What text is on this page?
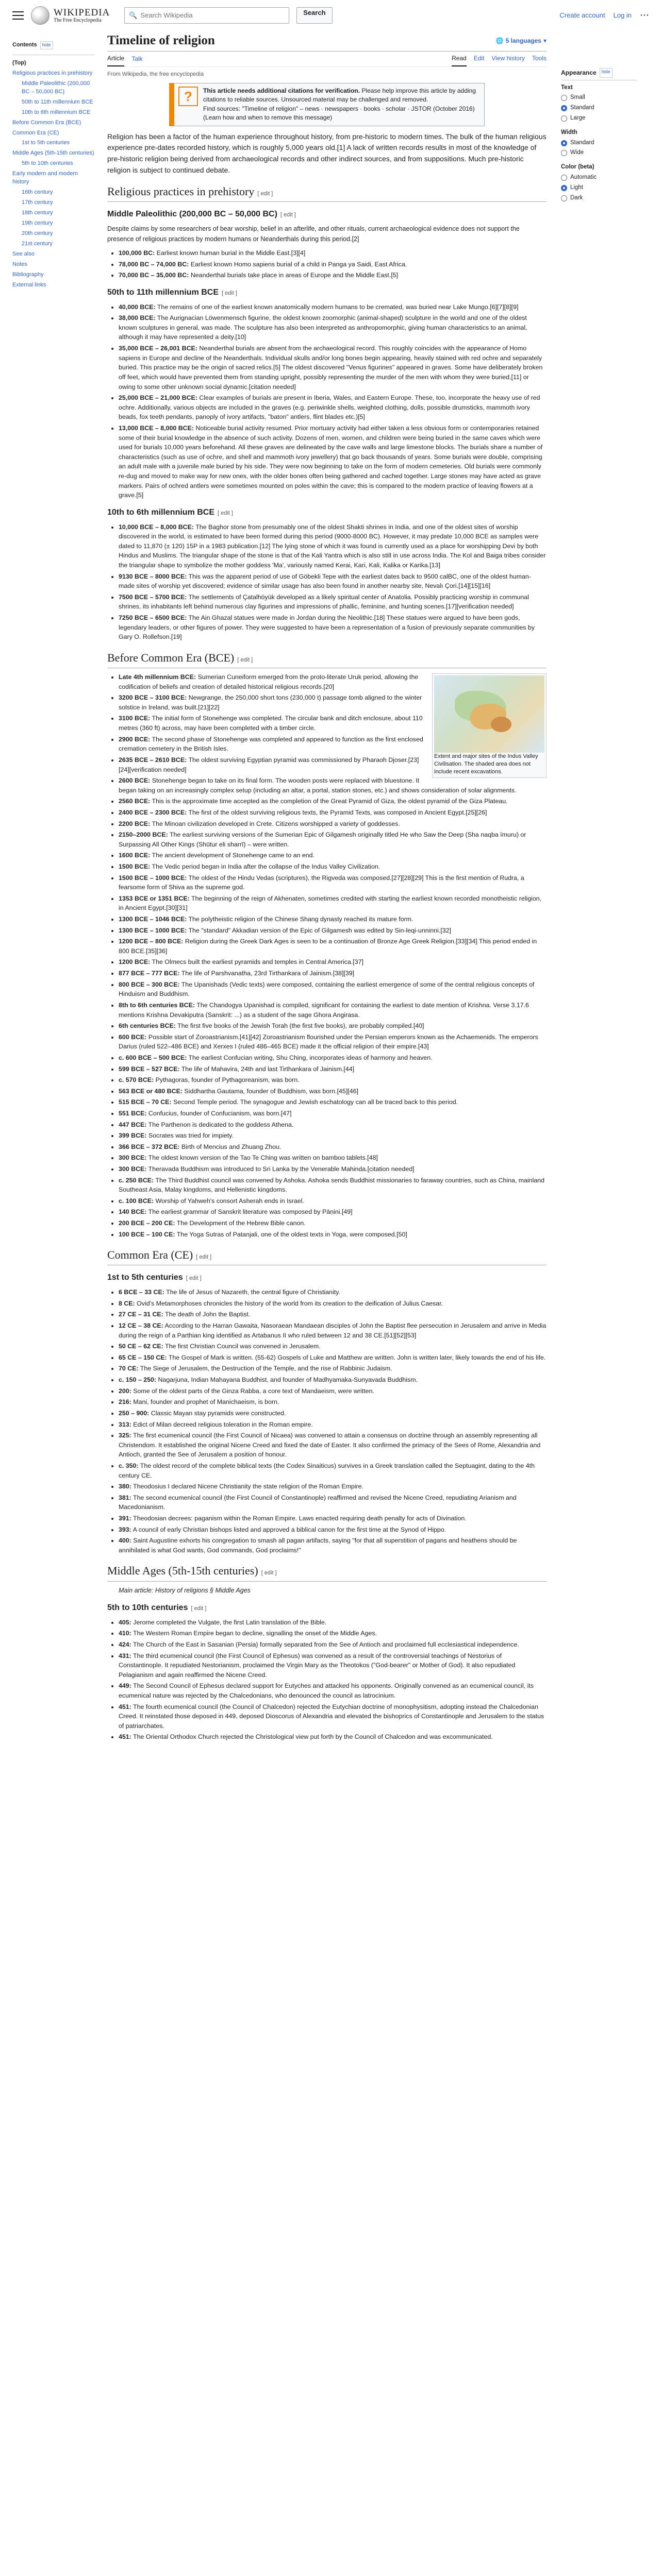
WIKIPEDIA
The Free Encyclopedia
🔍 Search Wikipedia	Search	Create account Log in ⋯
Contents	hide
(Top)
Religious practices in prehistory
Middle Paleolithic (200,000 BC – 50,000 BC)
50th to 11th millennium BCE
10th to 6th millennium BCE
Before Common Era (BCE)
Common Era (CE)
1st to 5th centuries
Middle Ages (5th-15th centuries)
5th to 10th centuries
Early modern and modern history
16th century
17th century
18th century
19th century
20th century
21st century
See also
Notes
Bibliography
External links
Timeline of religion	🌐 5 languages ▾
Article Talk	Read Edit View history Tools
From Wikipedia, the free encyclopedia
?	This article needs additional citations for verification. Please help improve this article by adding citations to reliable sources. Unsourced material may be challenged and removed.
Find sources: "Timeline of religion" – news · newspapers · books · scholar · JSTOR (October 2016) (Learn how and when to remove this message)

Religion has been a factor of the human experience throughout history, from pre-historic to modern times. The bulk of the human religious experience pre-dates recorded history, which is roughly 5,000 years old.[1] A lack of written records results in most of the knowledge of pre-historic religion being derived from archaeological records and other indirect sources, and from suppositions. Much pre-historic religion is subject to continued debate.

Religious practices in prehistory [ edit ]
Middle Paleolithic (200,000 BC – 50,000 BC) [ edit ]

Despite claims by some researchers of bear worship, belief in an afterlife, and other rituals, current archaeological evidence does not support the presence of religious practices by modern humans or Neanderthals during this period.[2]

• 100,000 BC: Earliest known human burial in the Middle East.[3][4]
• 78,000 BC – 74,000 BC: Earliest known Homo sapiens burial of a child in Panga ya Saidi, East Africa.
• 70,000 BC – 35,000 BC: Neanderthal burials take place in areas of Europe and the Middle East.[5]
50th to 11th millennium BCE [ edit ]
• 40,000 BCE: The remains of one of the earliest known anatomically modern humans to be cremated, was buried near Lake Mungo.[6][7][8][9]
• 38,000 BCE: The Aurignacian Löwenmensch figurine, the oldest known zoomorphic (animal-shaped) sculpture in the world and one of the oldest known sculptures in general, was made. The sculpture has also been interpreted as anthropomorphic, giving human characteristics to an animal, although it may have represented a deity.[10]
• 35,000 BCE – 26,001 BCE: Neanderthal burials are absent from the archaeological record. This roughly coincides with the appearance of Homo sapiens in Europe and decline of the Neanderthals. Individual skulls and/or long bones begin appearing, heavily stained with red ochre and separately buried. This practice may be the origin of sacred relics.[5] The oldest discovered "Venus figurines" appeared in graves. Some have deliberately broken off feet, which would have prevented them from standing upright, possibly representing the murder of the men with whom they were buried,[11] or owing to some other unknown social dynamic.[citation needed]
• 25,000 BCE – 21,000 BCE: Clear examples of burials are present in Iberia, Wales, and Eastern Europe. These, too, incorporate the heavy use of red ochre. Additionally, various objects are included in the graves (e.g. periwinkle shells, weighted clothing, dolls, possible drumsticks, mammoth ivory beads, fox teeth pendants, panoply of ivory artifacts, "baton" antlers, flint blades etc.)[5]
• 13,000 BCE – 8,000 BCE: Noticeable burial activity resumed. Prior mortuary activity had either taken a less obvious form or contemporaries retained some of their burial knowledge in the absence of such activity. Dozens of men, women, and children were being buried in the same caves which were used for burials 10,000 years beforehand. All these graves are delineated by the cave walls and large limestone blocks. The burials share a number of characteristics (such as use of ochre, and shell and mammoth ivory jewellery) that go back thousands of years. Some burials were double, comprising an adult male with a juvenile male buried by his side. They were now beginning to take on the form of modern cemeteries. Old burials were commonly re-dug and moved to make way for new ones, with the older bones often being gathered and cached together. Large stones may have acted as grave markers. Pairs of ochred antlers were sometimes mounted on poles within the cave; this is compared to the modern practice of leaving flowers at a grave.[5]
10th to 6th millennium BCE [ edit ]
• 10,000 BCE – 8,000 BCE: The Baghor stone from presumably one of the oldest Shakti shrines in India, and one of the oldest sites of worship discovered in the world, is estimated to have been formed during this period (9000-8000 BC). However, it may predate 10,000 BCE as samples were dated to 11,870 (± 120) 15P in a 1983 publication.[12] The lying stone of which it was found is currently used as a place for worshipping Devi by both Hindus and Muslims. The triangular shape of the stone is that of the Kali Yantra which is also still in use across India. The Kol and Baiga tribes consider the triangular shape to symbolize the mother goddess 'Ma', variously named Kerai, Kari, Kali, Kalika or Karika.[13]
• 9130 BCE – 8000 BCE: This was the apparent period of use of Göbekli Tepe with the earliest dates back to 9500 calBC, one of the oldest human-made sites of worship yet discovered; evidence of similar usage has also been found in another nearby site, Nevalı Çori.[14][15][16]
• 7500 BCE – 5700 BCE: The settlements of Çatalhöyük developed as a likely spiritual center of Anatolia. Possibly practicing worship in communal shrines, its inhabitants left behind numerous clay figurines and impressions of phallic, feminine, and hunting scenes.[17][verification needed]
• 7250 BCE – 6500 BCE: The Ain Ghazal statues were made in Jordan during the Neolithic.[18] These statues were argued to have been gods, legendary leaders, or other figures of power. They were suggested to have been a representation of a fusion of previously separate communities by Gary O. Rollefson.[19]
Before Common Era (BCE) [ edit ]
Extent and major sites of the Indus Valley Civilisation. The shaded area does not include recent excavations.
• Late 4th millennium BCE: Sumerian Cuneiform emerged from the proto-literate Uruk period, allowing the codification of beliefs and creation of detailed historical religious records.[20]
• 3200 BCE – 3100 BCE: Newgrange, the 250,000 short tons (230,000 t) passage tomb aligned to the winter solstice in Ireland, was built.[21][22]
• 3100 BCE: The initial form of Stonehenge was completed. The circular bank and ditch enclosure, about 110 metres (360 ft) across, may have been completed with a timber circle.
• 2900 BCE: The second phase of Stonehenge was completed and appeared to function as the first enclosed cremation cemetery in the British Isles.
• 2635 BCE – 2610 BCE: The oldest surviving Egyptian pyramid was commissioned by Pharaoh Djoser.[23][24][verification needed]
• 2600 BCE: Stonehenge began to take on its final form. The wooden posts were replaced with bluestone. It began taking on an increasingly complex setup (including an altar, a portal, station stones, etc.) and shows consideration of solar alignments.
• 2560 BCE: This is the approximate time accepted as the completion of the Great Pyramid of Giza, the oldest pyramid of the Giza Plateau.
• 2400 BCE – 2300 BCE: The first of the oldest surviving religious texts, the Pyramid Texts, was composed in Ancient Egypt.[25][26]
• 2200 BCE: The Minoan civilization developed in Crete. Citizens worshipped a variety of goddesses.
• 2150–2000 BCE: The earliest surviving versions of the Sumerian Epic of Gilgamesh originally titled He who Saw the Deep (Sha naqba ïmuru) or Surpassing All Other Kings (Shūtur eli sharrī) – were written.
• 1600 BCE: The ancient development of Stonehenge came to an end.
• 1500 BCE: The Vedic period began in India after the collapse of the Indus Valley Civilization.
• 1500 BCE – 1000 BCE: The oldest of the Hindu Vedas (scriptures), the Rigveda was composed.[27][28][29] This is the first mention of Rudra, a fearsome form of Shiva as the supreme god.
• 1353 BCE or 1351 BCE: The beginning of the reign of Akhenaten, sometimes credited with starting the earliest known recorded monotheistic religion, in Ancient Egypt.[30][31]
• 1300 BCE – 1046 BCE: The polytheistic religion of the Chinese Shang dynasty reached its mature form.
• 1300 BCE – 1000 BCE: The "standard" Akkadian version of the Epic of Gilgamesh was edited by Sin-leqi-unninni.[32]
• 1200 BCE – 800 BCE: Religion during the Greek Dark Ages is seen to be a continuation of Bronze Age Greek Religion.[33][34] This period ended in 800 BCE.[35][36]
• 1200 BCE: The Olmecs built the earliest pyramids and temples in Central America.[37]
• 877 BCE – 777 BCE: The life of Parshvanatha, 23rd Tirthankara of Jainism.[38][39]
• 800 BCE – 300 BCE: The Upanishads (Vedic texts) were composed, containing the earliest emergence of some of the central religious concepts of Hinduism and Buddhism.
• 8th to 6th centuries BCE: The Chandogya Upanishad is compiled, significant for containing the earliest to date mention of Krishna. Verse 3.17.6 mentions Krishna Devakiputra (Sanskrit: ...) as a student of the sage Ghora Angirasa.
• 6th centuries BCE: The first five books of the Jewish Torah (the first five books), are probably compiled.[40]
• 600 BCE: Possible start of Zoroastrianism.[41][42] Zoroastrianism flourished under the Persian emperors known as the Achaemenids. The emperors Darius (ruled 522–486 BCE) and Xerxes I (ruled 486–465 BCE) made it the official religion of their empire.[43]
• c. 600 BCE – 500 BCE: The earliest Confucian writing, Shu Ching, incorporates ideas of harmony and heaven.
• 599 BCE – 527 BCE: The life of Mahavira, 24th and last Tirthankara of Jainism.[44]
• c. 570 BCE: Pythagoras, founder of Pythagoreanism, was born.
• 563 BCE or 480 BCE: Siddhartha Gautama, founder of Buddhism, was born.[45][46]
• 515 BCE – 70 CE: Second Temple period. The synagogue and Jewish eschatology can all be traced back to this period.
• 551 BCE: Confucius, founder of Confucianism, was born.[47]
• 447 BCE: The Parthenon is dedicated to the goddess Athena.
• 399 BCE: Socrates was tried for impiety.
• 366 BCE – 372 BCE: Birth of Mencius and Zhuang Zhou.
• 300 BCE: The oldest known version of the Tao Te Ching was written on bamboo tablets.[48]
• 300 BCE: Theravada Buddhism was introduced to Sri Lanka by the Venerable Mahinda.[citation needed]
• c. 250 BCE: The Third Buddhist council was convened by Ashoka. Ashoka sends Buddhist missionaries to faraway countries, such as China, mainland Southeast Asia, Malay kingdoms, and Hellenistic kingdoms.
• c. 100 BCE: Worship of Yahweh's consort Asherah ends in Israel.
• 140 BCE: The earliest grammar of Sanskrit literature was composed by Pāṇini.[49]
• 200 BCE – 200 CE: The Development of the Hebrew Bible canon.
• 100 BCE – 100 CE: The Yoga Sutras of Patanjali, one of the oldest texts in Yoga, were composed.[50]
Common Era (CE) [ edit ]
1st to 5th centuries [ edit ]
• 6 BCE – 33 CE: The life of Jesus of Nazareth, the central figure of Christianity.
• 8 CE: Ovid's Metamorphoses chronicles the history of the world from its creation to the deification of Julius Caesar.
• 27 CE – 31 CE: The death of John the Baptist.
• 12 CE – 38 CE: According to the Harran Gawaita, Nasoraean Mandaean disciples of John the Baptist flee persecution in Jerusalem and arrive in Media during the reign of a Parthian king identified as Artabanus II who ruled between 12 and 38 CE.[51][52][53]
• 50 CE – 62 CE: The first Christian Council was convened in Jerusalem.
• 65 CE – 150 CE: The Gospel of Mark is written. (55-62) Gospels of Luke and Matthew are written. John is written later, likely towards the end of his life.
• 70 CE: The Siege of Jerusalem, the Destruction of the Temple, and the rise of Rabbinic Judaism.
• c. 150 – 250: Nagarjuna, Indian Mahayana Buddhist, and founder of Madhyamaka-Sunyavada Buddhism.
• 200: Some of the oldest parts of the Ginza Rabba, a core text of Mandaeism, were written.
• 216: Mani, founder and prophet of Manichaeism, is born.
• 250 – 900: Classic Mayan stay pyramids were constructed.
• 313: Edict of Milan decreed religious toleration in the Roman empire.
• 325: The first ecumenical council (the First Council of Nicaea) was convened to attain a consensus on doctrine through an assembly representing all Christendom. It established the original Nicene Creed and fixed the date of Easter. It also confirmed the primacy of the Sees of Rome, Alexandria and Antioch, granted the See of Jerusalem a position of honour.
• c. 350: The oldest record of the complete biblical texts (the Codex Sinaiticus) survives in a Greek translation called the Septuagint, dating to the 4th century CE.
• 380: Theodosius I declared Nicene Christianity the state religion of the Roman Empire.
• 381: The second ecumenical council (the First Council of Constantinople) reaffirmed and revised the Nicene Creed, repudiating Arianism and Macedonianism.
• 391: Theodosian decrees: paganism within the Roman Empire. Laws enacted requiring death penalty for acts of Divination.
• 393: A council of early Christian bishops listed and approved a biblical canon for the first time at the Synod of Hippo.
• 400: Saint Augustine exhorts his congregation to smash all pagan artifacts, saying "for that all superstition of pagans and heathens should be annihilated is what God wants, God commands, God proclaims!"
Middle Ages (5th-15th centuries) [ edit ]
Main article: History of religions § Middle Ages
5th to 10th centuries [ edit ]
• 405: Jerome completed the Vulgate, the first Latin translation of the Bible.
• 410: The Western Roman Empire began to decline, signalling the onset of the Middle Ages.
• 424: The Church of the East in Sasanian (Persia) formally separated from the See of Antioch and proclaimed full ecclesiastical independence.
• 431: The third ecumenical council (the First Council of Ephesus) was convened as a result of the controversial teachings of Nestorius of Constantinople. It repudiated Nestorianism, proclaimed the Virgin Mary as the Theotokos ("God-bearer" or Mother of God). It also repudiated Pelagianism and again reaffirmed the Nicene Creed.
• 449: The Second Council of Ephesus declared support for Eutyches and attacked his opponents. Originally convened as an ecumenical council, its ecumenical nature was rejected by the Chalcedonians, who denounced the council as latrocinium.
• 451: The fourth ecumenical council (the Council of Chalcedon) rejected the Eutychian doctrine of monophysitism, adopting instead the Chalcedonian Creed. It reinstated those deposed in 449, deposed Dioscorus of Alexandria and elevated the bishoprics of Constantinople and Jerusalem to the status of patriarchates.
• 451: The Oriental Orthodox Church rejected the Christological view put forth by the Council of Chalcedon and was excommunicated.
Appearance	hide
Text
Small
Standard
Large
Width
Standard
Wide
Color (beta)
Automatic
Light
Dark
